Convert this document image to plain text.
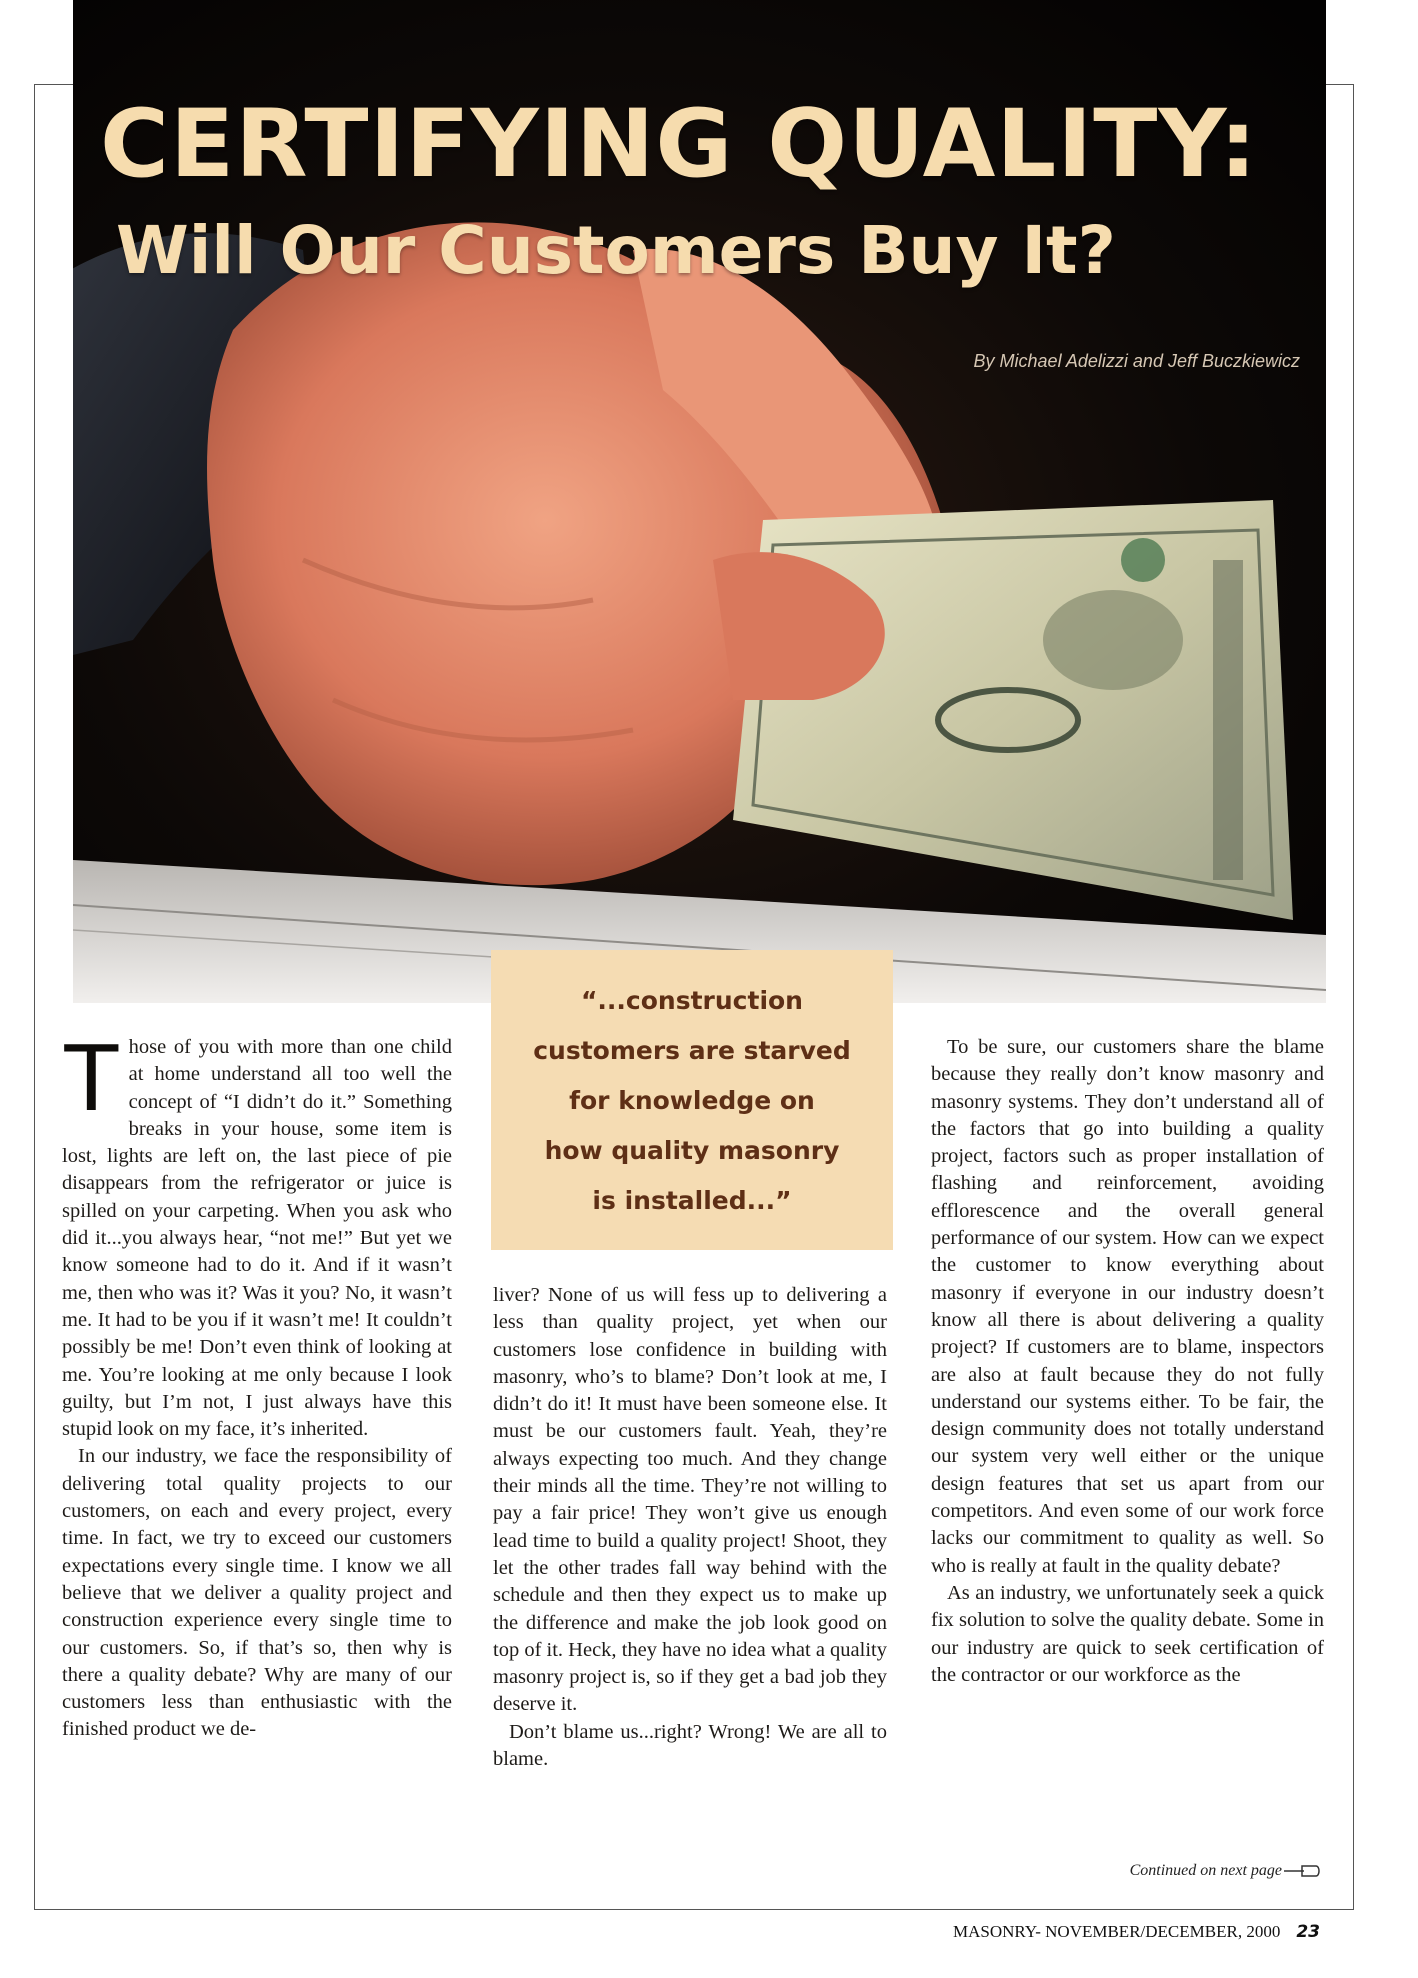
CERTIFYING QUALITY:
Will Our Customers Buy It?
By Michael Adelizzi and Jeff Buczkiewicz

“...construction

customers are starved

for knowledge on

how quality masonry

is installed...”

Those of you with more than one child at home understand all too well the concept of “I didn’t do it.” Something breaks in your house, some item is lost, lights are left on, the last piece of pie disappears from the refrigerator or juice is spilled on your carpeting. When you ask who did it...you always hear, “not me!” But yet we know someone had to do it. And if it wasn’t me, then who was it? Was it you? No, it wasn’t me. It had to be you if it wasn’t me! It couldn’t possibly be me! Don’t even think of looking at me. You’re looking at me only because I look guilty, but I’m not, I just always have this stupid look on my face, it’s inherited.

In our industry, we face the responsibility of delivering total quality projects to our customers, on each and every project, every time. In fact, we try to exceed our customers expectations every single time. I know we all believe that we deliver a quality project and construction experience every single time to our customers. So, if that’s so, then why is there a quality debate? Why are many of our customers less than enthusiastic with the finished product we de-

liver? None of us will fess up to delivering a less than quality project, yet when our customers lose confidence in building with masonry, who’s to blame? Don’t look at me, I didn’t do it! It must have been someone else. It must be our customers fault. Yeah, they’re always expecting too much. And they change their minds all the time. They’re not willing to pay a fair price! They won’t give us enough lead time to build a quality project! Shoot, they let the other trades fall way behind with the schedule and then they expect us to make up the difference and make the job look good on top of it. Heck, they have no idea what a quality masonry project is, so if they get a bad job they deserve it.

Don’t blame us...right? Wrong! We are all to blame.

To be sure, our customers share the blame because they really don’t know masonry and masonry systems. They don’t understand all of the factors that go into building a quality project, factors such as proper installation of flashing and reinforcement, avoiding efflorescence and the overall general performance of our system. How can we expect the customer to know everything about masonry if everyone in our industry doesn’t know all there is about delivering a quality project? If customers are to blame, inspectors are also at fault because they do not fully understand our systems either. To be fair, the design community does not totally understand our system very well either or the unique design features that set us apart from our competitors. And even some of our work force lacks our commitment to quality as well. So who is really at fault in the quality debate?

As an industry, we unfortunately seek a quick fix solution to solve the quality debate. Some in our industry are quick to seek certification of the contractor or our workforce as the

Continued on next page
MASONRY- NOVEMBER/DECEMBER, 2000 23
